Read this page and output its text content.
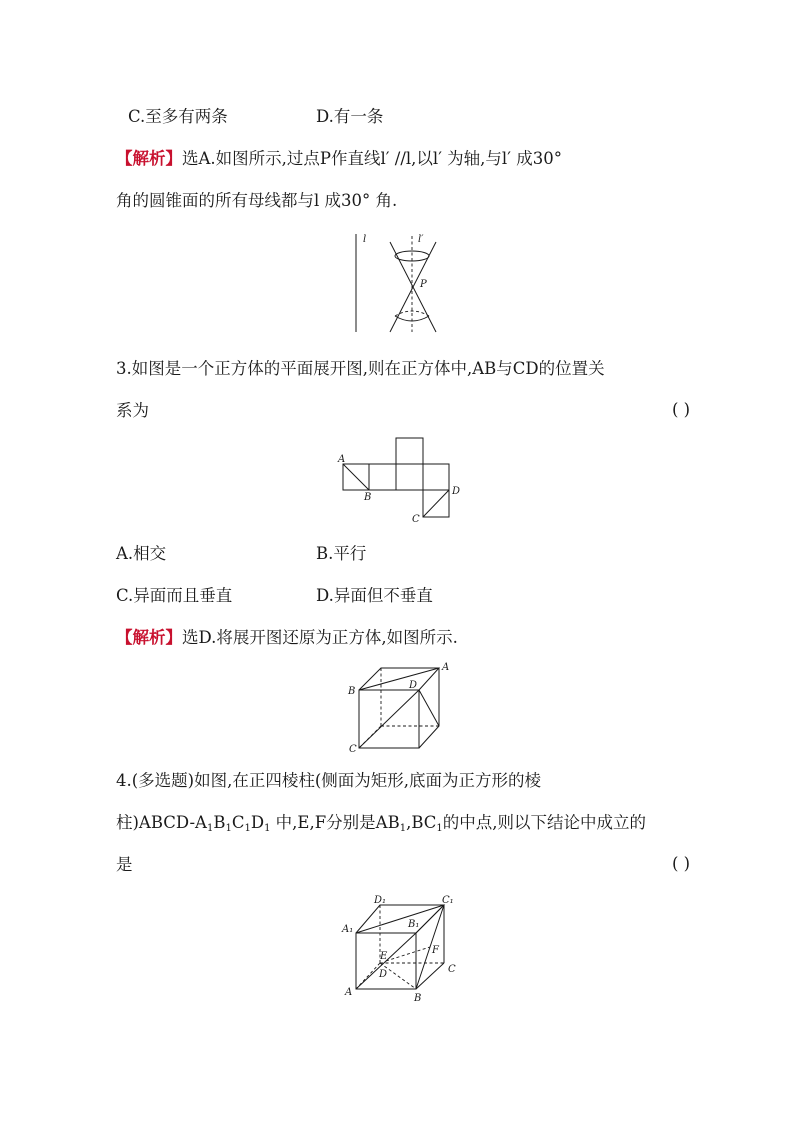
C.至多有两条	D.有一条
【解析】选A.如图所示,过点P作直线l′ //l,以l′ 为轴,与l′ 成30°
角的圆锥面的所有母线都与l 成30° 角.
l	l′
P
3.如图是一个正方体的平面展开图,则在正方体中,AB与CD的位置关
系为	( )
A
B
C
D
A.相交	B.平行
C.异面而且垂直	D.异面但不垂直
【解析】选D.将展开图还原为正方体,如图所示.
A
B
C
D
4.(多选题)如图,在正四棱柱(侧面为矩形,底面为正方形的棱
柱)$ABCD-A_1B_1C_1D_1$ 中,E,F分别是$AB_1,BC_1$的中点,则以下结论中成立的
是	( )
A
B
C
D
A₁	B₁
C₁
D₁
E
F
